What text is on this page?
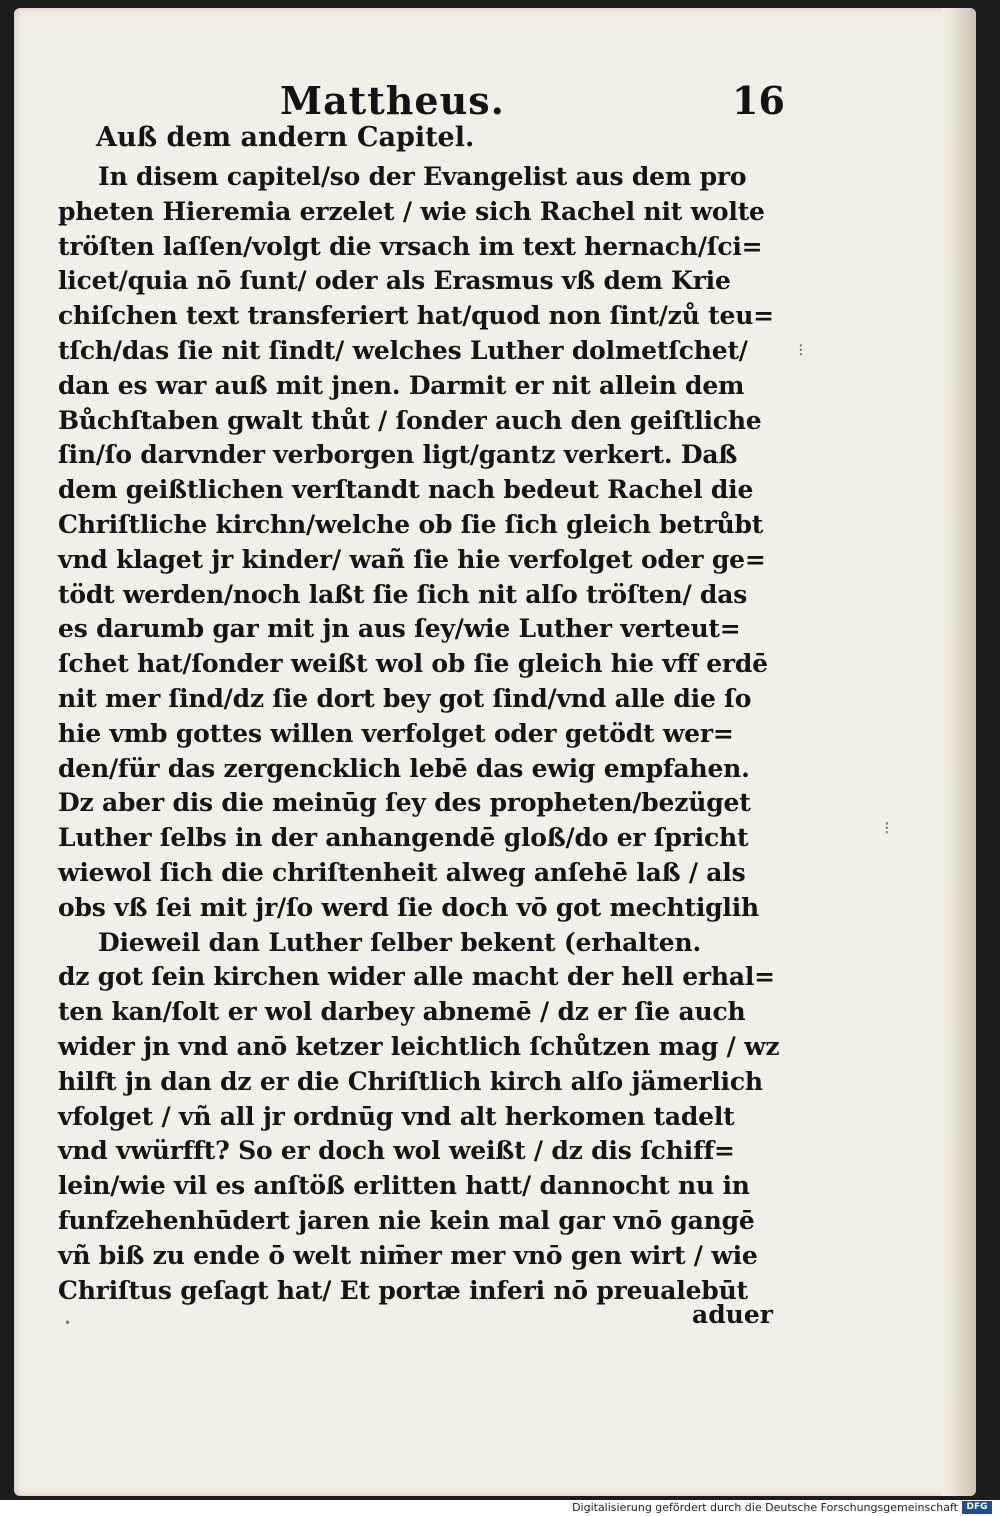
Mattheus.	16
Auß dem andern Capitel.
In disem capitel/so der Evangelist aus dem pro
pheten Hieremia erzelet / wie sich Rachel nit wolte
tröſten laſſen/volgt die vrsach im text hernach/ſci=
licet/quia nō ſunt/ oder als Erasmus vß dem Krie
chiſchen text transferiert hat/quod non ſint/zů teu=
tſch/das ſie nit ſindt/ welches Luther dolmetſchet/
dan es war auß mit jnen. Darmit er nit allein dem
Bůchſtaben gwalt thůt / ſonder auch den geiſtliche
ſin/ſo darvnder verborgen ligt/gantz verkert. Daß
dem geißtlichen verſtandt nach bedeut Rachel die
Chriſtliche kirchn/welche ob ſie ſich gleich betrůbt
vnd klaget jr kinder/ wañ ſie hie verfolget oder ge=
tödt werden/noch laßt ſie ſich nit alſo tröſten/ das
es darumb gar mit jn aus ſey/wie Luther verteut=
ſchet hat/ſonder weißt wol ob ſie gleich hie vff erdē
nit mer ſind/dz ſie dort bey got ſind/vnd alle die ſo
hie vmb gottes willen verfolget oder getödt wer=
den/für das zergencklich lebē das ewig empfahen.
Dz aber dis die meinūg ſey des propheten/bezüget
Luther ſelbs in der anhangendē gloß/do er ſpricht
wiewol ſich die chriſtenheit alweg anſehē laß / als
obs vß ſei mit jr/ſo werd ſie doch vō got mechtiglih
Dieweil dan Luther ſelber bekent (erhalten.
dz got ſein kirchen wider alle macht der hell erhal=
ten kan/ſolt er wol darbey abnemē / dz er ſie auch
wider jn vnd anō ketzer leichtlich ſchůtzen mag / wz
hilft jn dan dz er die Chriſtlich kirch alſo jämerlich
vfolget / vñ all jr ordnūg vnd alt herkomen tadelt
vnd vwürfft? So er doch wol weißt / dz dis ſchiff=
lein/wie vil es anſtöß erlitten hatt/ dannocht nu in
funfzehenhūdert jaren nie kein mal gar vnō gangē
vñ biß zu ende ō welt nim̄er mer vnō gen wirt / wie
Chriſtus geſagt hat/ Et portæ inferi nō preualebūt
aduer
⁝
⁝
•
Digitalisierung gefördert durch die Deutsche Forschungsgemeinschaft DFG
